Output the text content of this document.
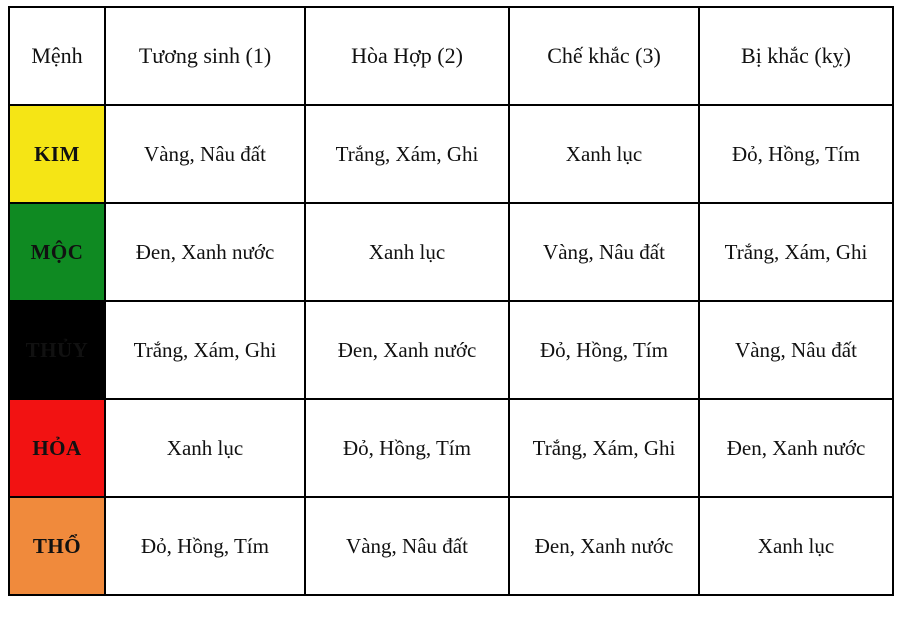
Mệnh	Tương sinh (1)	Hòa Hợp (2)	Chế khắc (3)	Bị khắc (kỵ)
KIM	Vàng, Nâu đất	Trắng, Xám, Ghi	Xanh lục	Đỏ, Hồng, Tím
MỘC	Đen, Xanh nước	Xanh lục	Vàng, Nâu đất	Trắng, Xám, Ghi
THỦY	Trắng, Xám, Ghi	Đen, Xanh nước	Đỏ, Hồng, Tím	Vàng, Nâu đất
HỎA	Xanh lục	Đỏ, Hồng, Tím	Trắng, Xám, Ghi	Đen, Xanh nước
THỔ	Đỏ, Hồng, Tím	Vàng, Nâu đất	Đen, Xanh nước	Xanh lục
